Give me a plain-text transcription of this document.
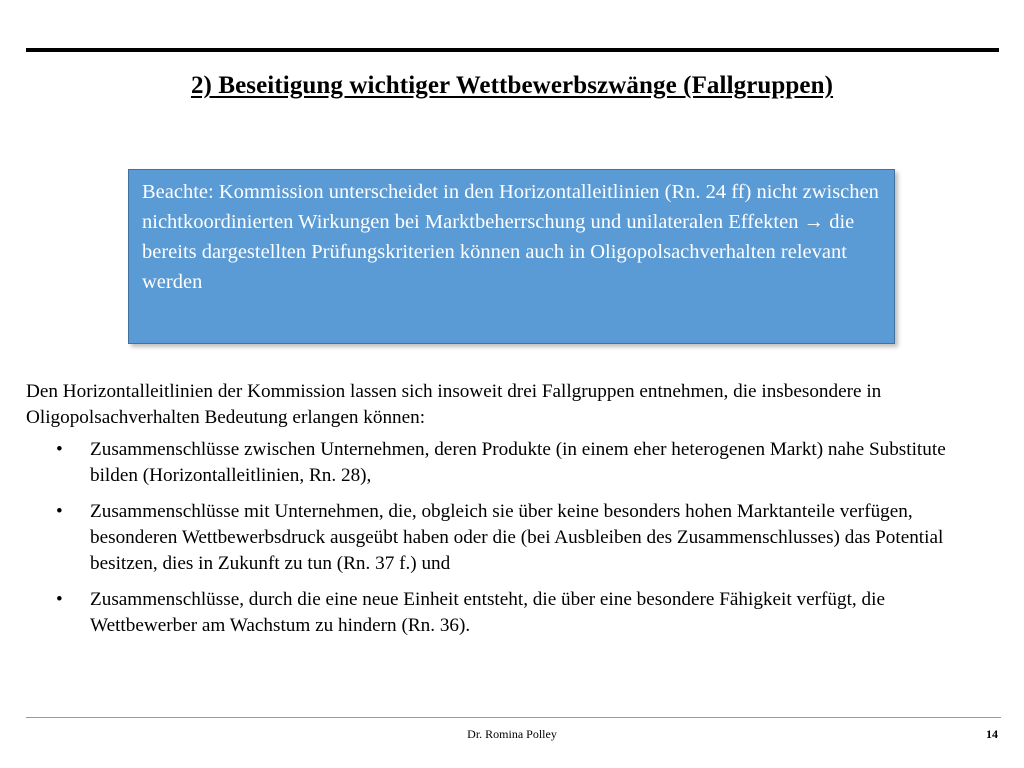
2) Beseitigung wichtiger Wettbewerbszwänge (Fallgruppen)
Beachte: Kommission unterscheidet in den Horizontalleitlinien (Rn. 24 ff) nicht zwischen nichtkoordinierten Wirkungen bei Marktbeherrschung und unilateralen Effekten → die bereits dargestellten Prüfungskriterien können auch in Oligopolsachverhalten relevant werden

Den Horizontalleitlinien der Kommission lassen sich insoweit drei Fallgruppen entnehmen, die insbesondere in Oligopolsachverhalten Bedeutung erlangen können:

• Zusammenschlüsse zwischen Unternehmen, deren Produkte (in einem eher heterogenen Markt) nahe Substitute bilden (Horizontalleitlinien, Rn. 28),
• Zusammenschlüsse mit Unternehmen, die, obgleich sie über keine besonders hohen Marktanteile verfügen, besonderen Wettbewerbsdruck ausgeübt haben oder die (bei Ausbleiben des Zusammenschlusses) das Potential besitzen, dies in Zukunft zu tun (Rn. 37 f.) und
• Zusammenschlüsse, durch die eine neue Einheit entsteht, die über eine besondere Fähigkeit verfügt, die Wettbewerber am Wachstum zu hindern (Rn. 36).
Dr. Romina Polley	14
